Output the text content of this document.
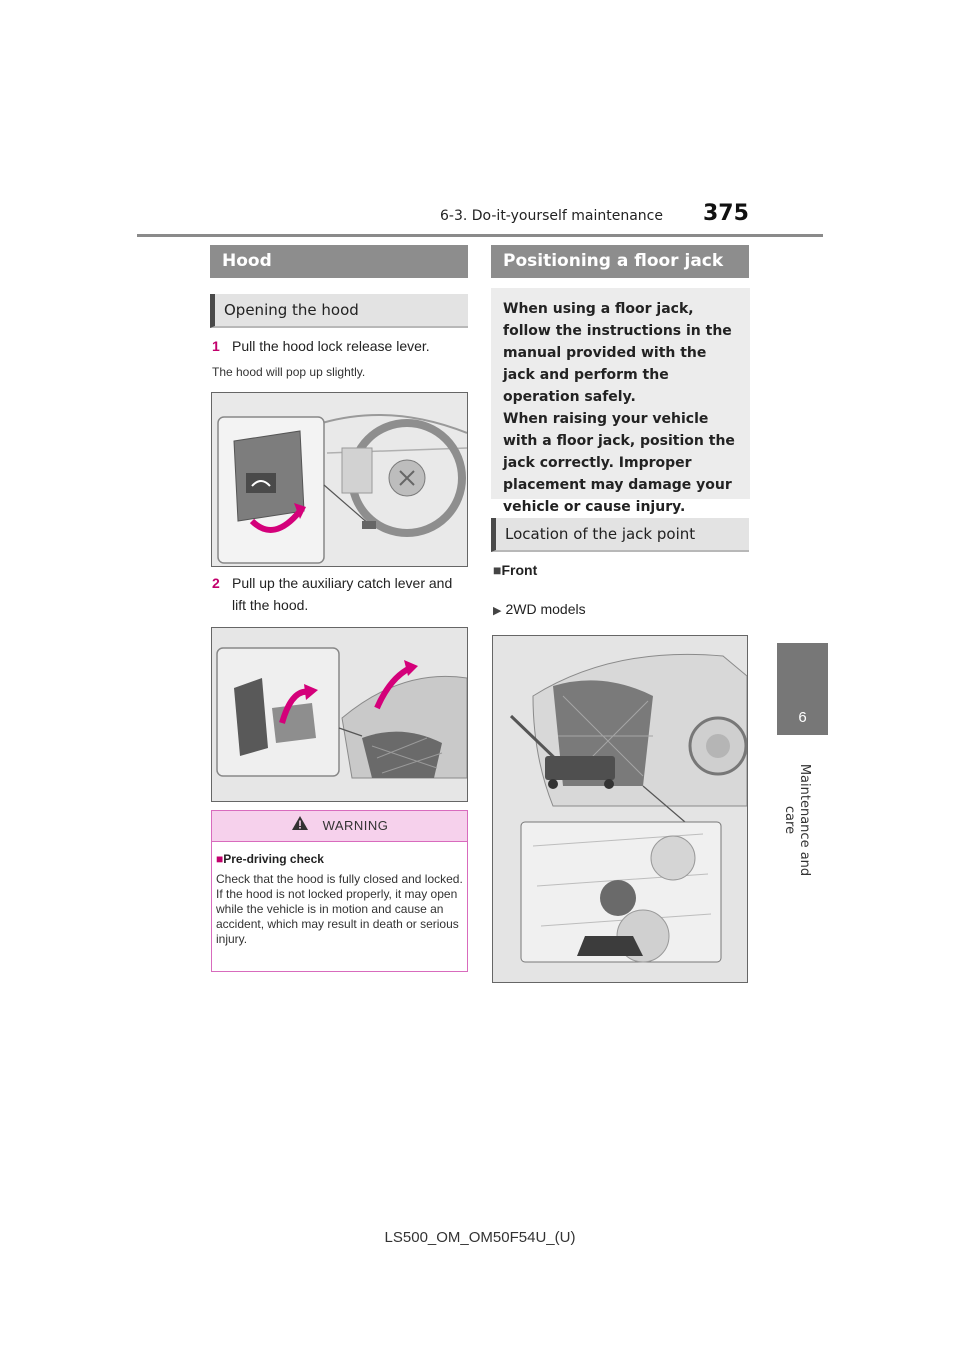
6-3. Do-it-yourself maintenance 375
6
Maintenance and care
Hood
Opening the hood
1 Pull the hood lock release lever.
The hood will pop up slightly.
2 Pull up the auxiliary catch lever and lift the hood.
WARNING
■Pre-driving check
Check that the hood is fully closed and locked.
If the hood is not locked properly, it may open while the vehicle is in motion and cause an accident, which may result in death or serious injury.
Positioning a floor jack
When using a floor jack, follow the instructions in the manual provided with the jack and perform the operation safely.
When raising your vehicle with a floor jack, position the jack correctly. Improper placement may damage your vehicle or cause injury.
Location of the jack point
■Front
▶ 2WD models
LS500_OM_OM50F54U_(U)
